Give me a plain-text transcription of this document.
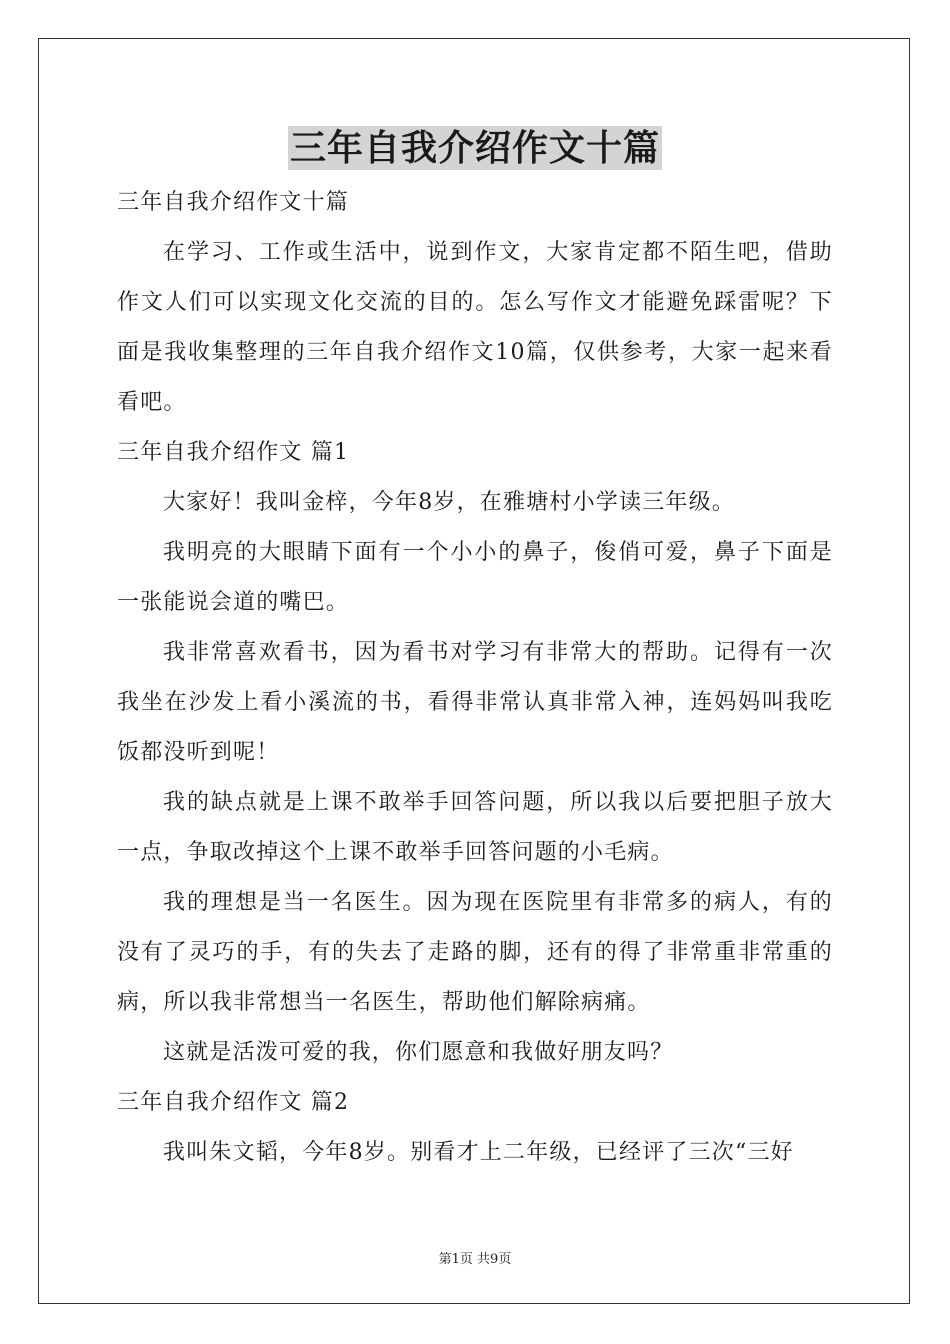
三年自我介绍作文十篇

三年自我介绍作文十篇

在学习、工作或生活中，说到作文，大家肯定都不陌生吧，借助作文人们可以实现文化交流的目的。怎么写作文才能避免踩雷呢？下面是我收集整理的三年自我介绍作文10篇，仅供参考，大家一起来看看吧。

三年自我介绍作文 篇1

大家好！我叫金梓，今年8岁，在雅塘村小学读三年级。

我明亮的大眼睛下面有一个小小的鼻子，俊俏可爱，鼻子下面是一张能说会道的嘴巴。

我非常喜欢看书，因为看书对学习有非常大的帮助。记得有一次我坐在沙发上看小溪流的书，看得非常认真非常入神，连妈妈叫我吃饭都没听到呢！

我的缺点就是上课不敢举手回答问题，所以我以后要把胆子放大一点，争取改掉这个上课不敢举手回答问题的小毛病。

我的理想是当一名医生。因为现在医院里有非常多的病人，有的没有了灵巧的手，有的失去了走路的脚，还有的得了非常重非常重的病，所以我非常想当一名医生，帮助他们解除病痛。

这就是活泼可爱的我，你们愿意和我做好朋友吗？

三年自我介绍作文 篇2

我叫朱文韬，今年8岁。别看才上二年级，已经评了三次“三好

第1页 共9页
